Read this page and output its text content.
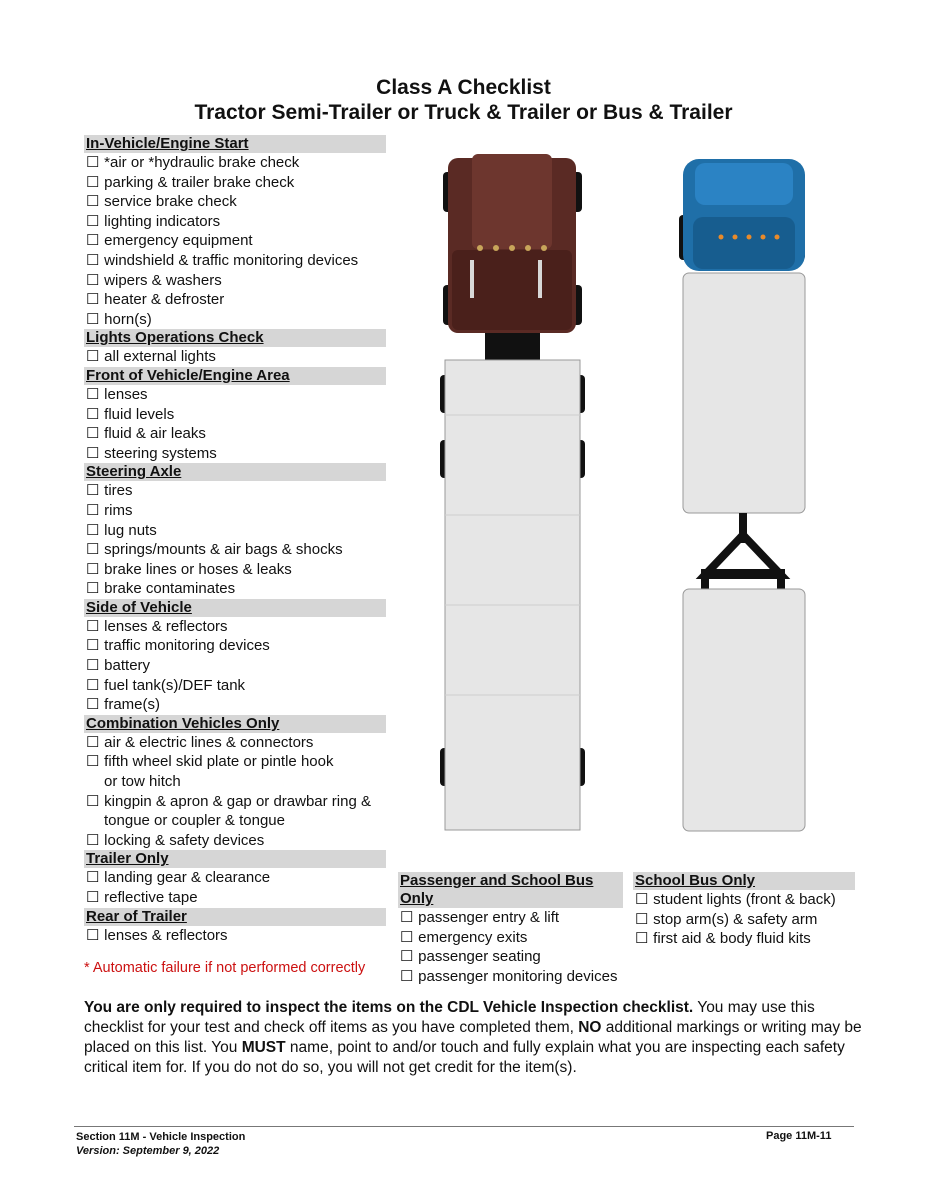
Class A Checklist
Tractor Semi-Trailer or Truck & Trailer or Bus & Trailer
In-Vehicle/Engine Start
☐ *air or *hydraulic brake check
☐ parking & trailer brake check
☐ service brake check
☐ lighting indicators
☐ emergency equipment
☐ windshield & traffic monitoring devices
☐ wipers & washers
☐ heater & defroster
☐ horn(s)
Lights Operations Check
☐ all external lights
Front of Vehicle/Engine Area
☐ lenses
☐ fluid levels
☐ fluid & air leaks
☐ steering systems
Steering Axle
☐ tires
☐ rims
☐ lug nuts
☐ springs/mounts & air bags & shocks
☐ brake lines or hoses & leaks
☐ brake contaminates
Side of Vehicle
☐ lenses & reflectors
☐ traffic monitoring devices
☐ battery
☐ fuel tank(s)/DEF tank
☐ frame(s)
Combination Vehicles Only
☐ air & electric lines & connectors
☐ fifth wheel skid plate or pintle hook
or tow hitch
☐ kingpin & apron & gap or drawbar ring &
tongue or coupler & tongue
☐ locking & safety devices
Trailer Only
☐ landing gear & clearance
☐ reflective tape
Rear of Trailer
☐ lenses & reflectors
Passenger and School Bus Only
☐ passenger entry & lift
☐ emergency exits
☐ passenger seating
☐ passenger monitoring devices
School Bus Only
☐ student lights (front & back)
☐ stop arm(s) & safety arm
☐ first aid & body fluid kits
* Automatic failure if not performed correctly
You are only required to inspect the items on the CDL Vehicle Inspection checklist. You may use this checklist for your test and check off items as you have completed them, NO additional markings or writing may be placed on this list. You MUST name, point to and/or touch and fully explain what you are inspecting each safety critical item for. If you do not do so, you will not get credit for the item(s).
Section 11M - Vehicle Inspection
Version: September 9, 2022
Page 11M-11
